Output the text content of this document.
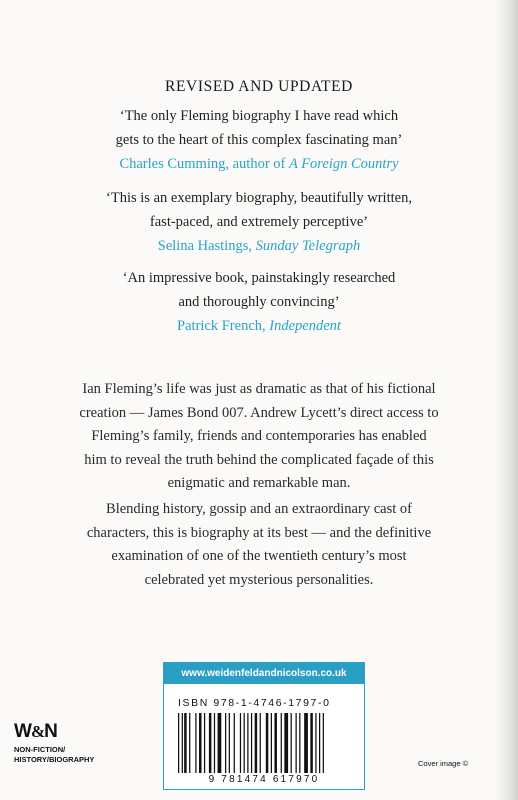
REVISED AND UPDATED
‘The only Fleming biography I have read which
gets to the heart of this complex fascinating man’
Charles Cumming, author of A Foreign Country
‘This is an exemplary biography, beautifully written,
fast-paced, and extremely perceptive’
Selina Hastings, Sunday Telegraph
‘An impressive book, painstakingly researched
and thoroughly convincing’
Patrick French, Independent
Ian Fleming’s life was just as dramatic as that of his fictional
creation — James Bond 007. Andrew Lycett’s direct access to
Fleming’s family, friends and contemporaries has enabled
him to reveal the truth behind the complicated façade of this
enigmatic and remarkable man.
Blending history, gossip and an extraordinary cast of
characters, this is biography at its best — and the definitive
examination of one of the twentieth century’s most
celebrated yet mysterious personalities.
www.weidenfeldandnicolson.co.uk
ISBN 978-1-4746-1797-0
9 781474 617970
W&N
NON-FICTION/
HISTORY/BIOGRAPHY	Cover image ©
